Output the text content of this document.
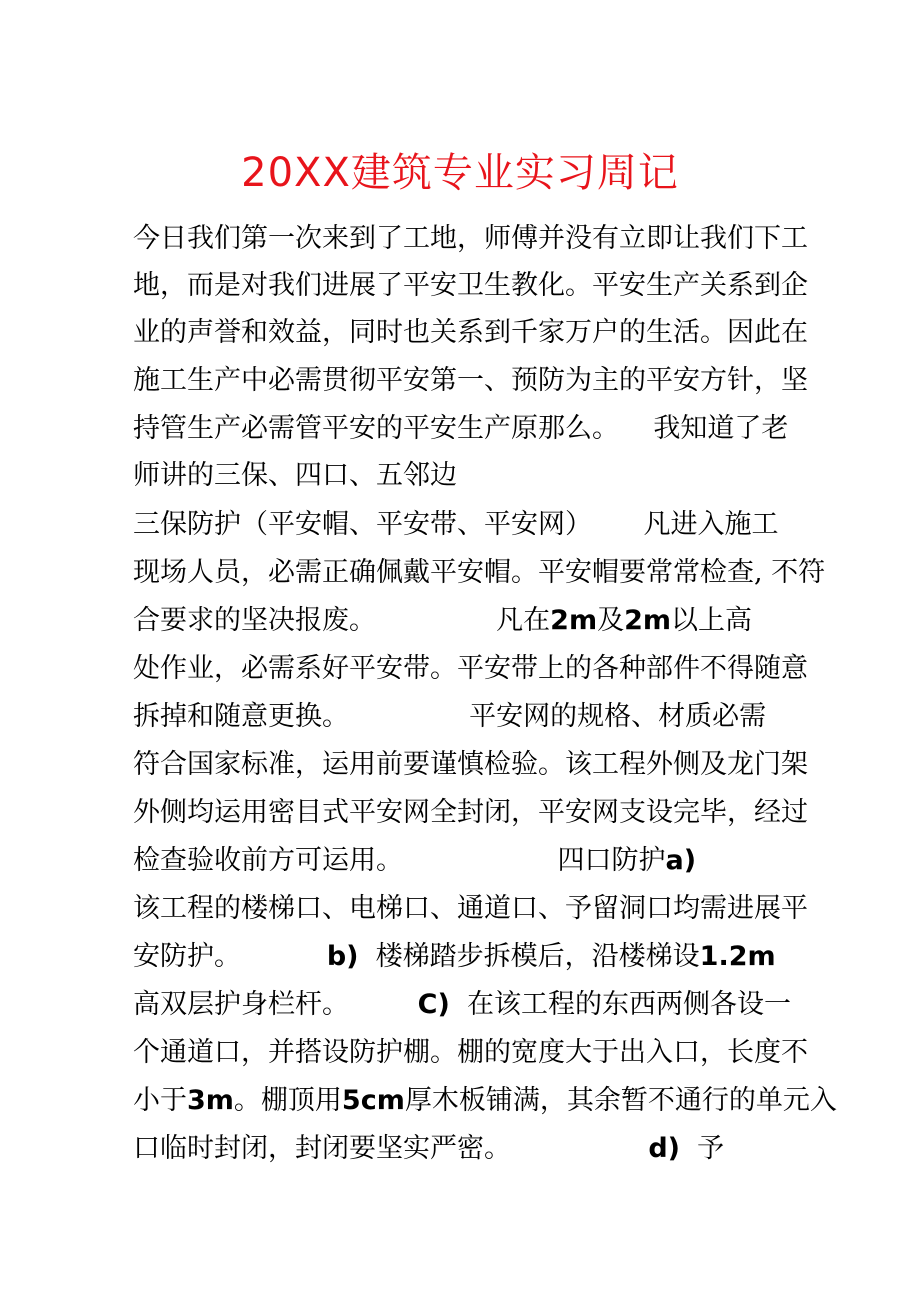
20XX建筑专业实习周记
今日我们第一次来到了工地，师傅并没有立即让我们下工
地，而是对我们进展了平安卫生教化。平安生产关系到企
业的声誉和效益，同时也关系到千家万户的生活。因此在
施工生产中必需贯彻平安第一、预防为主的平安方针，坚
持管生产必需管平安的平安生产原那么。    我知道了老
师讲的三保、四口、五邻边
三保防护（平安帽、平安带、平安网）      凡进入施工
现场人员，必需正确佩戴平安帽。平安帽要常常检查, 不符
合要求的坚决报废。              凡在2m及2m以上高
处作业，必需系好平安带。平安带上的各种部件不得随意
拆掉和随意更换。              平安网的规格、材质必需
符合国家标准，运用前要谨慎检验。该工程外侧及龙门架
外侧均运用密目式平安网全封闭，平安网支设完毕，经过
检查验收前方可运用。                  四口防护a)
该工程的楼梯口、电梯口、通道口、予留洞口均需进展平
安防护。          b)  楼梯踏步拆模后，沿楼梯设1.2m
高双层护身栏杆。        C)  在该工程的东西两侧各设一
个通道口，并搭设防护棚。棚的宽度大于出入口，长度不
小于3m。棚顶用5cm厚木板铺满，其余暂不通行的单元入
口临时封闭，封闭要坚实严密。                d)  予
